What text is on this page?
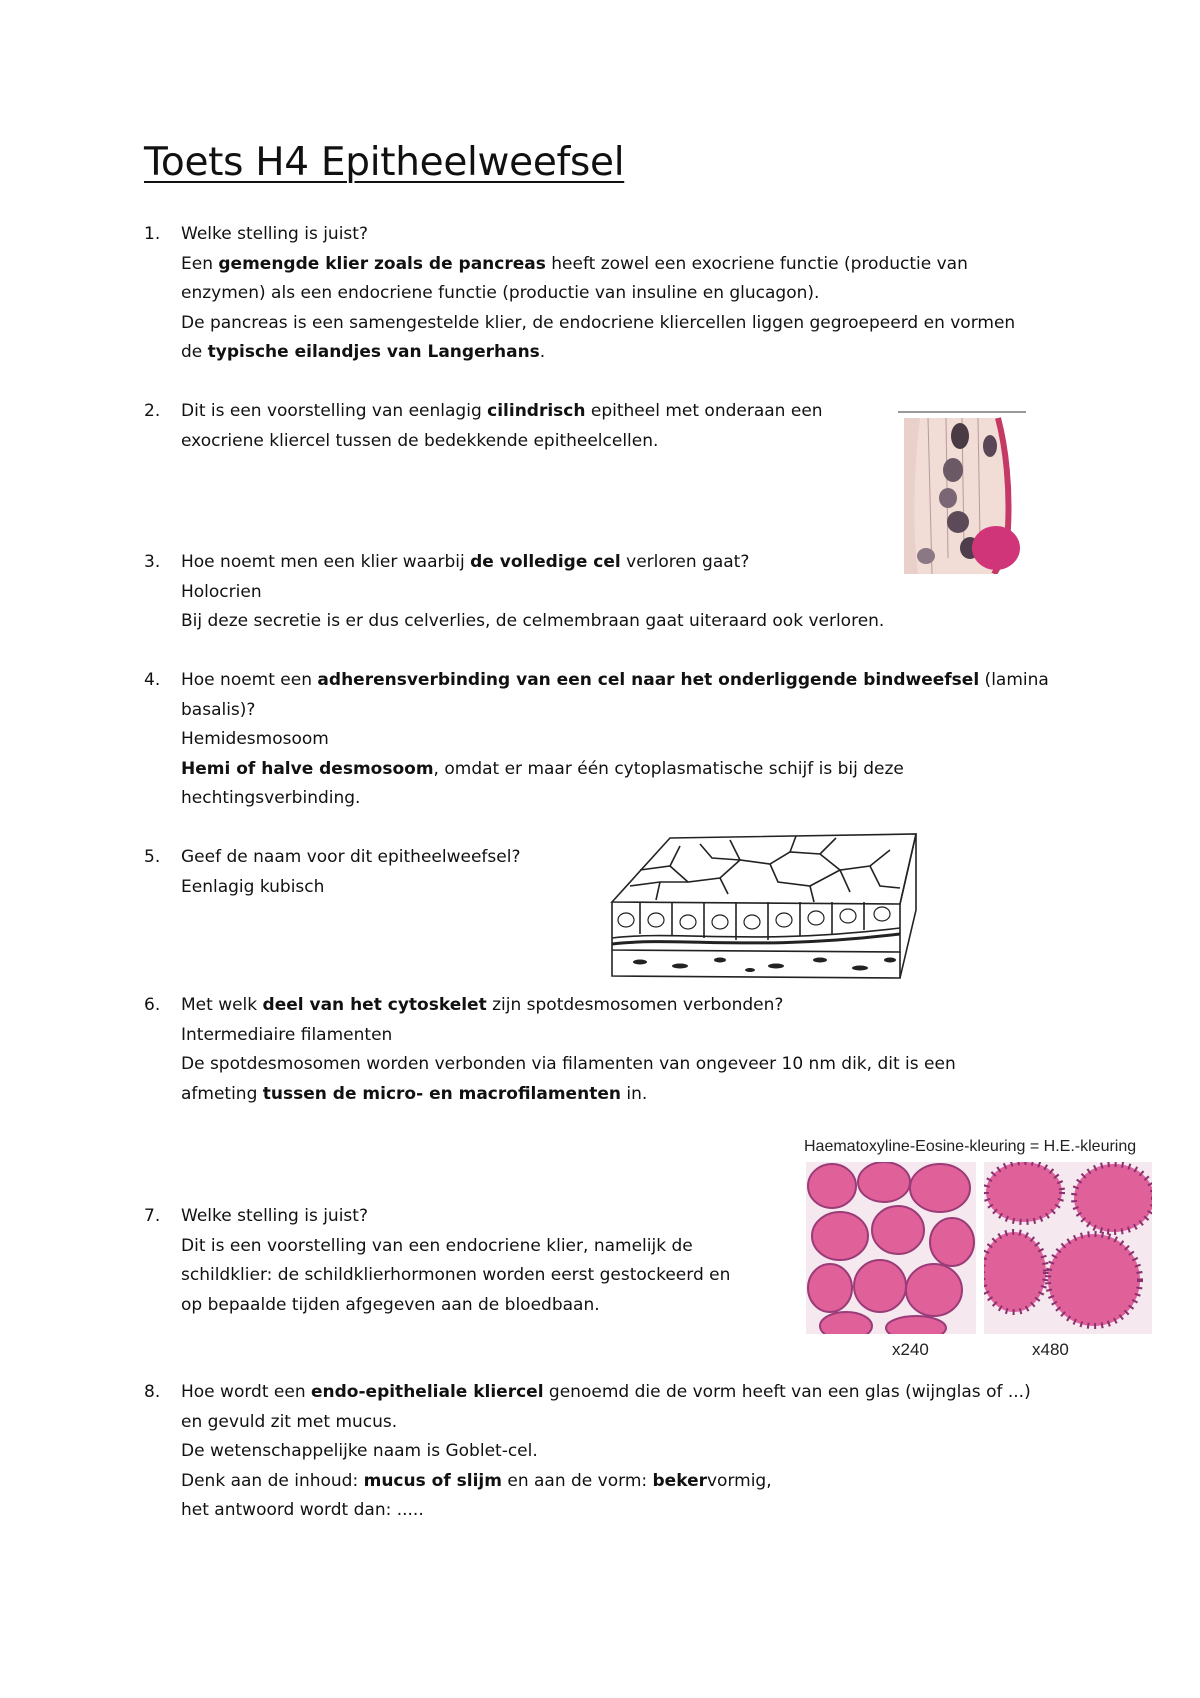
Toets H4 Epitheelweefsel
1.	Welke stelling is juist?
Een gemengde klier zoals de pancreas heeft zowel een exocriene functie (productie van
enzymen) als een endocriene functie (productie van insuline en glucagon).
De pancreas is een samengestelde klier, de endocriene kliercellen liggen gegroepeerd en vormen
de typische eilandjes van Langerhans.
2.	Dit is een voorstelling van eenlagig cilindrisch epitheel met onderaan een
exocriene kliercel tussen de bedekkende epitheelcellen.
3.	Hoe noemt men een klier waarbij de volledige cel verloren gaat?
Holocrien
Bij deze secretie is er dus celverlies, de celmembraan gaat uiteraard ook verloren.
4.	Hoe noemt een adherensverbinding van een cel naar het onderliggende bindweefsel (lamina
basalis)?
Hemidesmosoom
Hemi of halve desmosoom, omdat er maar één cytoplasmatische schijf is bij deze
hechtingsverbinding.
5.	Geef de naam voor dit epitheelweefsel?
Eenlagig kubisch
6.	Met welk deel van het cytoskelet zijn spotdesmosomen verbonden?
Intermediaire filamenten
De spotdesmosomen worden verbonden via filamenten van ongeveer 10 nm dik, dit is een
afmeting tussen de micro- en macrofilamenten in.
7.	Welke stelling is juist?
Dit is een voorstelling van een endocriene klier, namelijk de
schildklier: de schildklierhormonen worden eerst gestockeerd en
op bepaalde tijden afgegeven aan de bloedbaan.
8.	Hoe wordt een endo-epitheliale kliercel genoemd die de vorm heeft van een glas (wijnglas of ...)
en gevuld zit met mucus.
De wetenschappelijke naam is Goblet-cel.
Denk aan de inhoud: mucus of slijm en aan de vorm: bekervormig,
het antwoord wordt dan: .....
Haematoxyline-Eosine-kleuring = H.E.-kleuring
x240	x480
